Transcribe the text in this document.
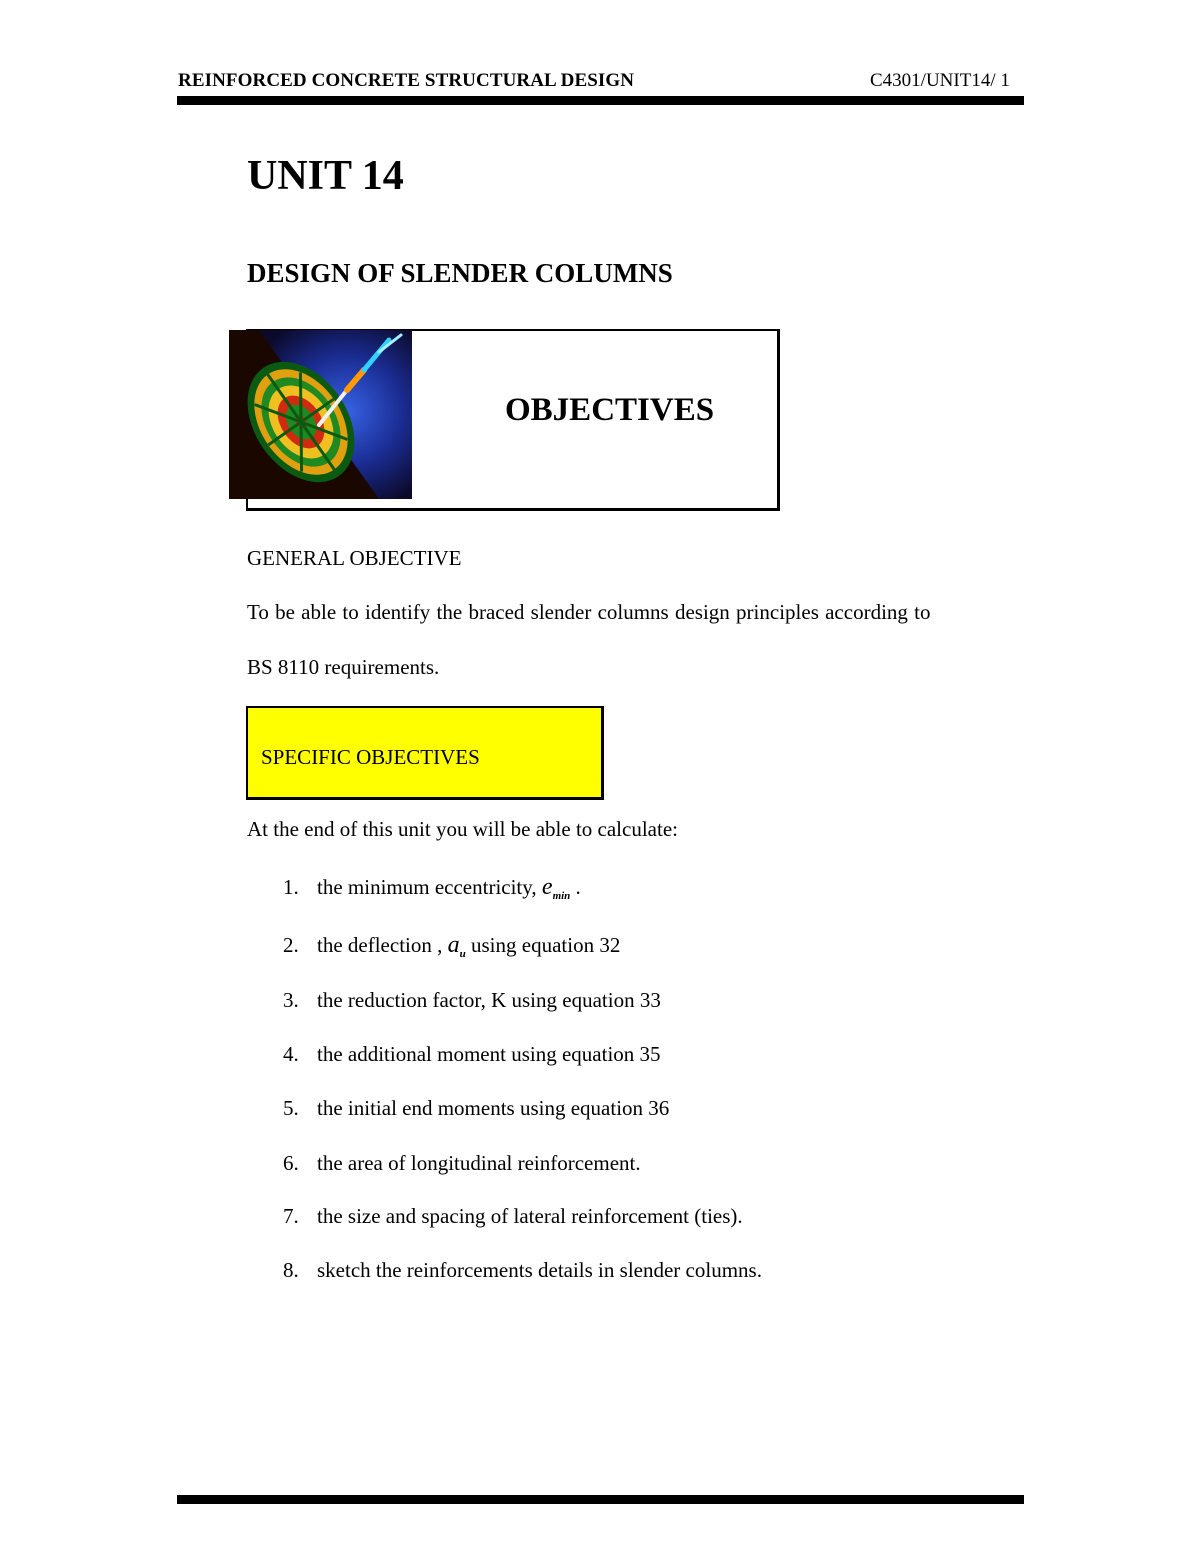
REINFORCED CONCRETE STRUCTURAL DESIGN	C4301/UNIT14/ 1
UNIT 14
DESIGN OF SLENDER COLUMNS
OBJECTIVES
GENERAL OBJECTIVE
To be able to identify the braced slender columns design principles according to
BS 8110 requirements.
SPECIFIC OBJECTIVES
At the end of this unit you will be able to calculate:
1. the minimum eccentricity, $e_{min}$ .
2. the deflection , $a_u$ using equation 32
3. the reduction factor, K using equation 33
4. the additional moment using equation 35
5. the initial end moments using equation 36
6. the area of longitudinal reinforcement.
7. the size and spacing of lateral reinforcement (ties).
8. sketch the reinforcements details in slender columns.
